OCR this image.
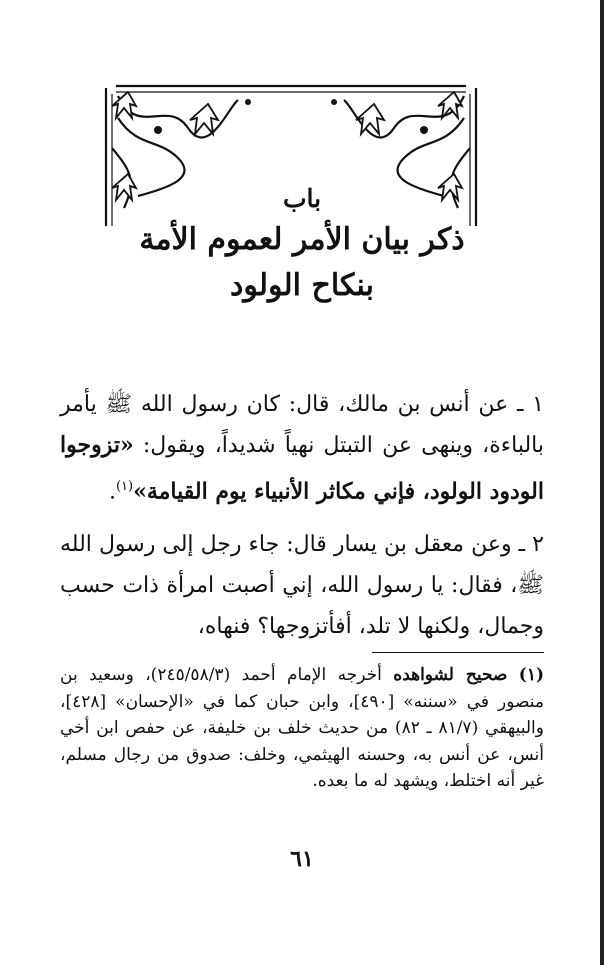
باب
ذكر بيان الأمر لعموم الأمة
بنكاح الولود
١ ـ عن أنس بن مالك، قال: كان رسول الله ﷺ يأمر بالباءة، وينهى عن التبتل نهياً شديداً، ويقول: «تزوجوا الودود الولود، فإني مكاثر الأنبياء يوم القيامة»$^{(١)}$.
٢ ـ وعن معقل بن يسار قال: جاء رجل إلى رسول الله ﷺ، فقال: يا رسول الله، إني أصبت امرأة ذات حسب وجمال، ولكنها لا تلد، أفأتزوجها؟ فنهاه،
(١) صحيح لشواهده أخرجه الإمام أحمد (٢٤٥/٥٨/٣)، وسعيد بن منصور في «سننه» [٤٩٠]، وابن حبان كما في «الإحسان» [٤٢٨]، والبيهقي (٨١/٧ ـ ٨٢) من حديث خلف بن خليفة، عن حفص ابن أخي أنس، عن أنس به، وحسنه الهيثمي، وخلف: صدوق من رجال مسلم، غير أنه اختلط، ويشهد له ما بعده.
٦١
